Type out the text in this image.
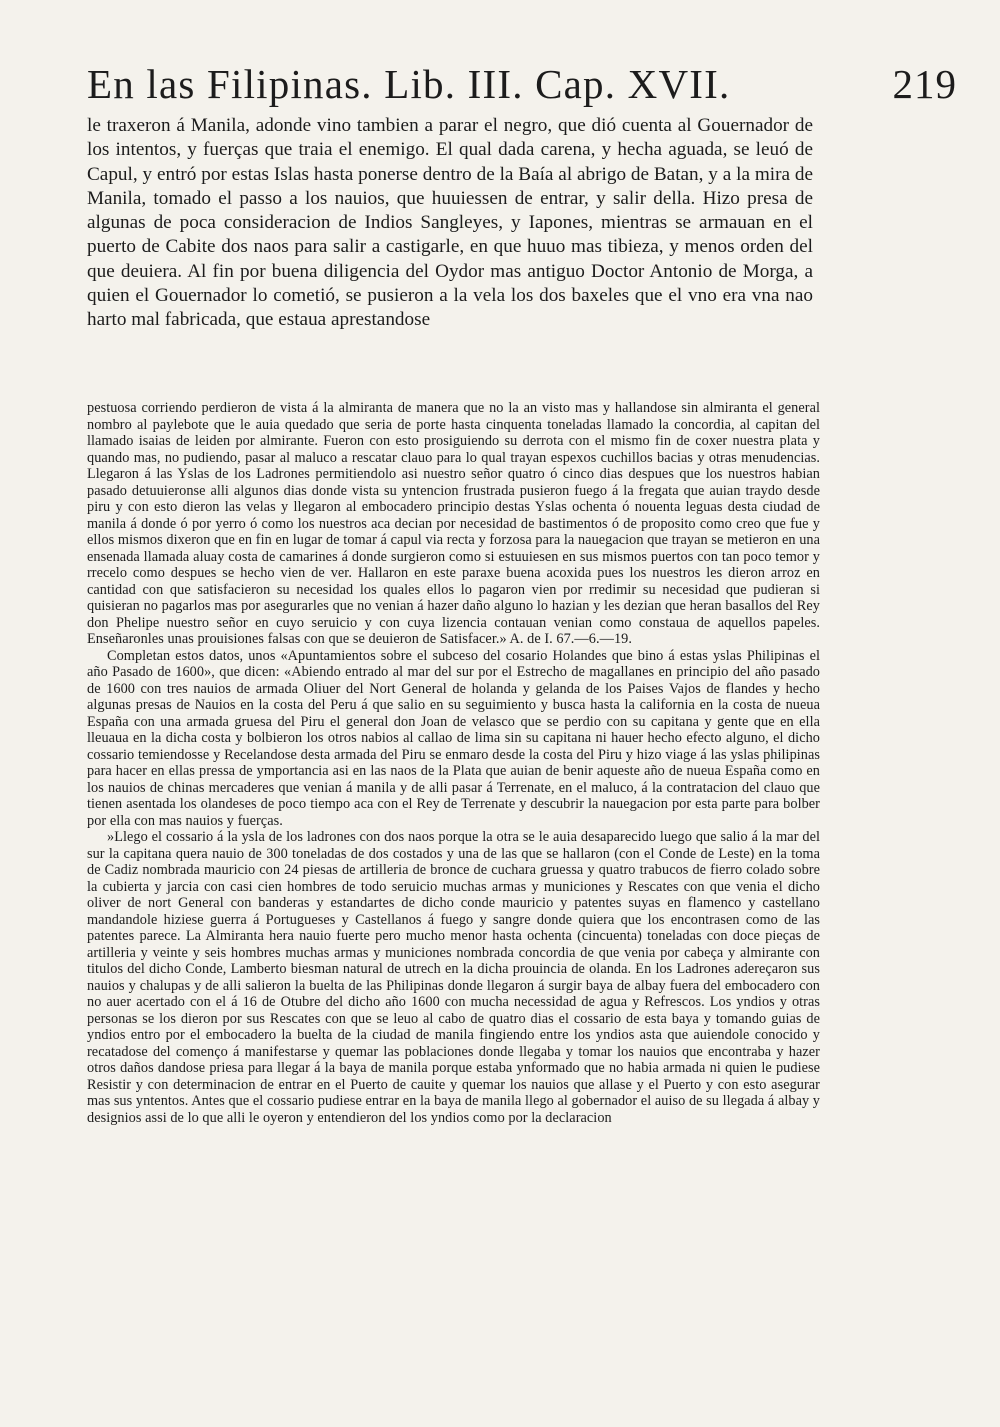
En las Filipinas. Lib. III. Cap. XVII.	219

le traxeron á Manila, adonde vino tambien a parar el negro, que dió cuenta al Gouernador de los intentos, y fuerças que traia el enemigo. El qual dada carena, y hecha aguada, se leuó de Capul, y entró por estas Islas hasta ponerse dentro de la Baía al abrigo de Batan, y a la mira de Manila, tomado el passo a los nauios, que huuiessen de entrar, y salir della. Hizo presa de algunas de poca consideracion de Indios Sangleyes, y Iapones, mientras se armauan en el puerto de Cabite dos naos para salir a castigarle, en que huuo mas tibieza, y menos orden del que deuiera. Al fin por buena diligencia del Oydor mas antiguo Doctor Antonio de Morga, a quien el Gouernador lo cometió, se pusieron a la vela los dos baxeles que el vno era vna nao harto mal fabricada, que estaua aprestandose

pestuosa corriendo perdieron de vista á la almiranta de manera que no la an visto mas y hallandose sin almiranta el general nombro al paylebote que le auia quedado que seria de porte hasta cinquenta toneladas llamado la concordia, al capitan del llamado isaias de leiden por almirante. Fueron con esto prosiguiendo su derrota con el mismo fin de coxer nuestra plata y quando mas, no pudiendo, pasar al maluco a rescatar clauo para lo qual trayan espexos cuchillos bacias y otras menudencias. Llegaron á las Yslas de los Ladrones permitiendolo asi nuestro señor quatro ó cinco dias despues que los nuestros habian pasado detuuieronse alli algunos dias donde vista su yntencion frustrada pusieron fuego á la fregata que auian traydo desde piru y con esto dieron las velas y llegaron al embocadero principio destas Yslas ochenta ó nouenta leguas desta ciudad de manila á donde ó por yerro ó como los nuestros aca decian por necesidad de bastimentos ó de proposito como creo que fue y ellos mismos dixeron que en fin en lugar de tomar á capul via recta y forzosa para la nauegacion que trayan se metieron en una ensenada llamada aluay costa de camarines á donde surgieron como si estuuiesen en sus mismos puertos con tan poco temor y rrecelo como despues se hecho vien de ver. Hallaron en este paraxe buena acoxida pues los nuestros les dieron arroz en cantidad con que satisfacieron su necesidad los quales ellos lo pagaron vien por rredimir su necesidad que pudieran si quisieran no pagarlos mas por asegurarles que no venian á hazer daño alguno lo hazian y les dezian que heran basallos del Rey don Phelipe nuestro señor en cuyo seruicio y con cuya lizencia contauan venian como constaua de aquellos papeles. Enseñaronles unas prouisiones falsas con que se deuieron de Satisfacer.» A. de I. 67.—6.—19.

Completan estos datos, unos «Apuntamientos sobre el subceso del cosario Holandes que bino á estas yslas Philipinas el año Pasado de 1600», que dicen: «Abiendo entrado al mar del sur por el Estrecho de magallanes en principio del año pasado de 1600 con tres nauios de armada Oliuer del Nort General de holanda y gelanda de los Paises Vajos de flandes y hecho algunas presas de Nauios en la costa del Peru á que salio en su seguimiento y busca hasta la california en la costa de nueua España con una armada gruesa del Piru el general don Joan de velasco que se perdio con su capitana y gente que en ella lleuaua en la dicha costa y bolbieron los otros nabios al callao de lima sin su capitana ni hauer hecho efecto alguno, el dicho cossario temiendosse y Recelandose desta armada del Piru se enmaro desde la costa del Piru y hizo viage á las yslas philipinas para hacer en ellas pressa de ymportancia asi en las naos de la Plata que auian de benir aqueste año de nueua España como en los nauios de chinas mercaderes que venian á manila y de alli pasar á Terrenate, en el maluco, á la contratacion del clauo que tienen asentada los olandeses de poco tiempo aca con el Rey de Terrenate y descubrir la nauegacion por esta parte para bolber por ella con mas nauios y fuerças.

»Llego el cossario á la ysla de los ladrones con dos naos porque la otra se le auia desaparecido luego que salio á la mar del sur la capitana quera nauio de 300 toneladas de dos costados y una de las que se hallaron (con el Conde de Leste) en la toma de Cadiz nombrada mauricio con 24 piesas de artilleria de bronce de cuchara gruessa y quatro trabucos de fierro colado sobre la cubierta y jarcia con casi cien hombres de todo seruicio muchas armas y municiones y Rescates con que venia el dicho oliver de nort General con banderas y estandartes de dicho conde mauricio y patentes suyas en flamenco y castellano mandandole hiziese guerra á Portugueses y Castellanos á fuego y sangre donde quiera que los encontrasen como de las patentes parece. La Almiranta hera nauio fuerte pero mucho menor hasta ochenta (cincuenta) toneladas con doce pieças de artilleria y veinte y seis hombres muchas armas y municiones nombrada concordia de que venia por cabeça y almirante con titulos del dicho Conde, Lamberto biesman natural de utrech en la dicha prouincia de olanda. En los Ladrones adereçaron sus nauios y chalupas y de alli salieron la buelta de las Philipinas donde llegaron á surgir baya de albay fuera del embocadero con no auer acertado con el á 16 de Otubre del dicho año 1600 con mucha necessidad de agua y Refrescos. Los yndios y otras personas se los dieron por sus Rescates con que se leuo al cabo de quatro dias el cossario de esta baya y tomando guias de yndios entro por el embocadero la buelta de la ciudad de manila fingiendo entre los yndios asta que auiendole conocido y recatadose del començo á manifestarse y quemar las poblaciones donde llegaba y tomar los nauios que encontraba y hazer otros daños dandose priesa para llegar á la baya de manila porque estaba ynformado que no habia armada ni quien le pudiese Resistir y con determinacion de entrar en el Puerto de cauite y quemar los nauios que allase y el Puerto y con esto asegurar mas sus yntentos. Antes que el cossario pudiese entrar en la baya de manila llego al gobernador el auiso de su llegada á albay y designios assi de lo que alli le oyeron y entendieron del los yndios como por la declaracion
